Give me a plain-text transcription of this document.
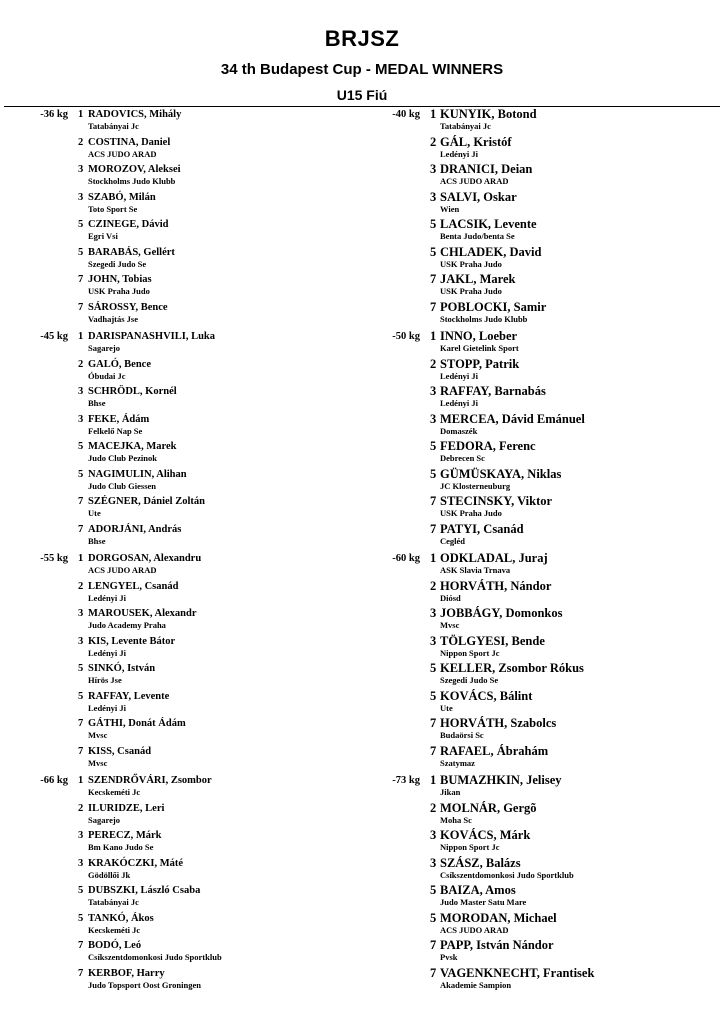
BRJSZ
34 th Budapest Cup - MEDAL WINNERS
U15 Fiú
-36 kg 1 RADOVICS, Mihály
Tatabányai Jc
2 COSTINA, Daniel
ACS JUDO ARAD
3 MOROZOV, Aleksei
Stockholms Judo Klubb
3 SZABÓ, Milán
Toto Sport Se
5 CZINEGE, Dávid
Egri Vsi
5 BARABÁS, Gellért
Szegedi Judo Se
7 JOHN, Tobias
USK Praha Judo
7 SÁROSSY, Bence
Vadhajtás Jse
-45 kg 1 DARISPANASHVILI, Luka
Sagarejo
2 GALÓ, Bence
Óbudai Jc
3 SCHRÖDL, Kornél
Bhse
3 FEKE, Ádám
Felkelő Nap Se
5 MACEJKA, Marek
Judo Club Pezinok
5 NAGIMULIN, Alihan
Judo Club Giessen
7 SZÉGNER, Dániel Zoltán
Ute
7 ADORJÁNI, András
Bhse
-55 kg 1 DORGOSAN, Alexandru
ACS JUDO ARAD
2 LENGYEL, Csanád
Ledényi Ji
3 MAROUSEK, Alexandr
Judo Academy Praha
3 KIS, Levente Bátor
Ledényi Ji
5 SINKÓ, István
Hírös Jse
5 RAFFAY, Levente
Ledényi Ji
7 GÁTHI, Donát Ádám
Mvsc
7 KISS, Csanád
Mvsc
-66 kg 1 SZENDRŐVÁRI, Zsombor
Kecskeméti Jc
2 ILURIDZE, Leri
Sagarejo
3 PERECZ, Márk
Bm Kano Judo Se
3 KRAKÓCZKI, Máté
Gödöllői Jk
5 DUBSZKI, László Csaba
Tatabányai Jc
5 TANKÓ, Ákos
Kecskeméti Jc
7 BODÓ, Leó
Csíkszentdomonkosi Judo Sportklub
7 KERBOF, Harry
Judo Topsport Oost Groningen
-40 kg 1 KUNYIK, Botond
Tatabányai Jc
2 GÁL, Kristóf
Ledényi Ji
3 DRANICI, Deian
ACS JUDO ARAD
3 SALVI, Oskar
Wien
5 LACSIK, Levente
Benta Judo/benta Se
5 CHLADEK, David
USK Praha Judo
7 JAKL, Marek
USK Praha Judo
7 POBLOCKI, Samir
Stockholms Judo Klubb
-50 kg 1 INNO, Loeber
Karel Gietelink Sport
2 STOPP, Patrik
Ledényi Ji
3 RAFFAY, Barnabás
Ledényi Ji
3 MERCEA, Dávid Emánuel
Domaszék
5 FEDORA, Ferenc
Debrecen Sc
5 GÜMÜSKAYA, Niklas
JC Klosterneuburg
7 STECINSKY, Viktor
USK Praha Judo
7 PATYI, Csanád
Cegléd
-60 kg 1 ODKLADAL, Juraj
ASK Slavia Trnava
2 HORVÁTH, Nándor
Diósd
3 JOBBÁGY, Domonkos
Mvsc
3 TÖLGYESI, Bende
Nippon Sport Jc
5 KELLER, Zsombor Rókus
Szegedi Judo Se
5 KOVÁCS, Bálint
Ute
7 HORVÁTH, Szabolcs
Budaörsi Sc
7 RAFAEL, Ábrahám
Szatymaz
-73 kg 1 BUMAZHKIN, Jelisey
Jikan
2 MOLNÁR, Gergõ
Moha Sc
3 KOVÁCS, Márk
Nippon Sport Jc
3 SZÁSZ, Balázs
Csíkszentdomonkosi Judo Sportklub
5 BAIZA, Amos
Judo Master Satu Mare
5 MORODAN, Michael
ACS JUDO ARAD
7 PAPP, István Nándor
Pvsk
7 VAGENKNECHT, Frantisek
Akademie Sampion
